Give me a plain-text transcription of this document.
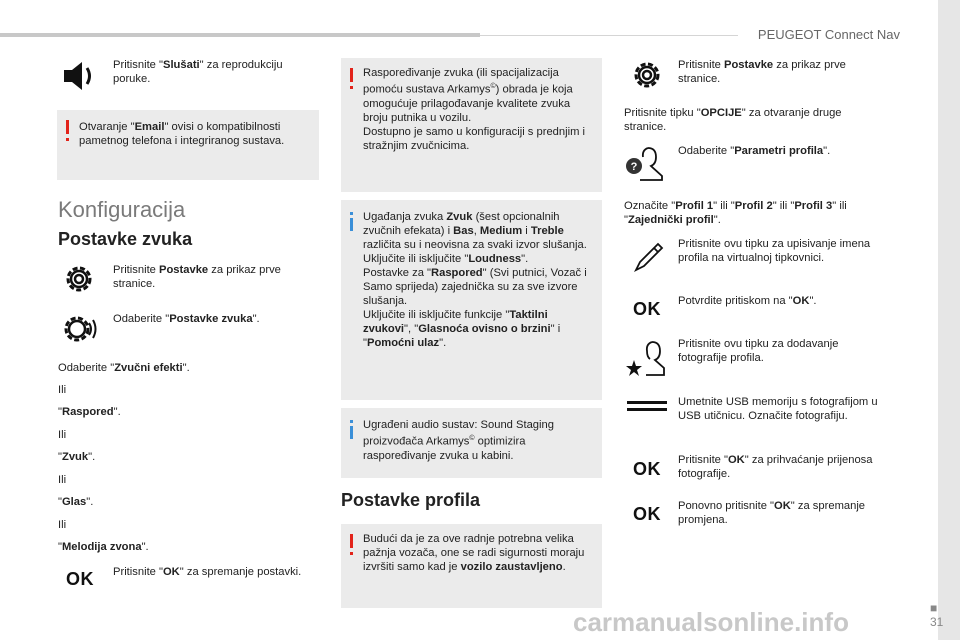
PEUGEOT Connect Nav
■
31
Pritisnite "Slušati" za reprodukciju poruke.
Otvaranje "Email" ovisi o kompatibilnosti pametnog telefona i integriranog sustava.
Konfiguracija
Postavke zvuka
Pritisnite Postavke za prikaz prve stranice.
Odaberite "Postavke zvuka".
Odaberite "Zvučni efekti".
Ili
"Raspored".
Ili
"Zvuk".
Ili
"Glas".
Ili
"Melodija zvona".
OK Pritisnite "OK" za spremanje postavki.
Raspoređivanje zvuka (ili spacijalizacija pomoću sustava Arkamys©) obrada je koja omogućuje prilagođavanje kvalitete zvuka broju putnika u vozilu.
Dostupno je samo u konfiguraciji s prednjim i stražnjim zvučnicima.
Ugađanja zvuka Zvuk (šest opcionalnih zvučnih efekata) i Bas, Medium i Treble različita su i neovisna za svaki izvor slušanja.
Uključite ili isključite "Loudness".
Postavke za "Raspored" (Svi putnici, Vozač i Samo sprijeda) zajednička su za sve izvore slušanja.
Uključite ili isključite funkcije "Taktilni zvukovi", "Glasnoća ovisno o brzini" i "Pomoćni ulaz".
Ugrađeni audio sustav: Sound Staging proizvođača Arkamys© optimizira raspoređivanje zvuka u kabini.
Postavke profila
Budući da je za ove radnje potrebna velika pažnja vozača, one se radi sigurnosti moraju izvršiti samo kad je vozilo zaustavljeno.
Pritisnite Postavke za prikaz prve stranice.
Pritisnite tipku "OPCIJE" za otvaranje druge stranice.
?
Odaberite "Parametri profila".
Označite "Profil 1" ili "Profil 2" ili "Profil 3" ili "Zajednički profil".
Pritisnite ovu tipku za upisivanje imena profila na virtualnoj tipkovnici.
OK Potvrdite pritiskom na "OK".
Pritisnite ovu tipku za dodavanje fotografije profila.
Umetnite USB memoriju s fotografijom u USB utičnicu. Označite fotografiju.
OK Pritisnite "OK" za prihvaćanje prijenosa fotografije.
OK Ponovno pritisnite "OK" za spremanje promjena.
carmanualsonline.info
